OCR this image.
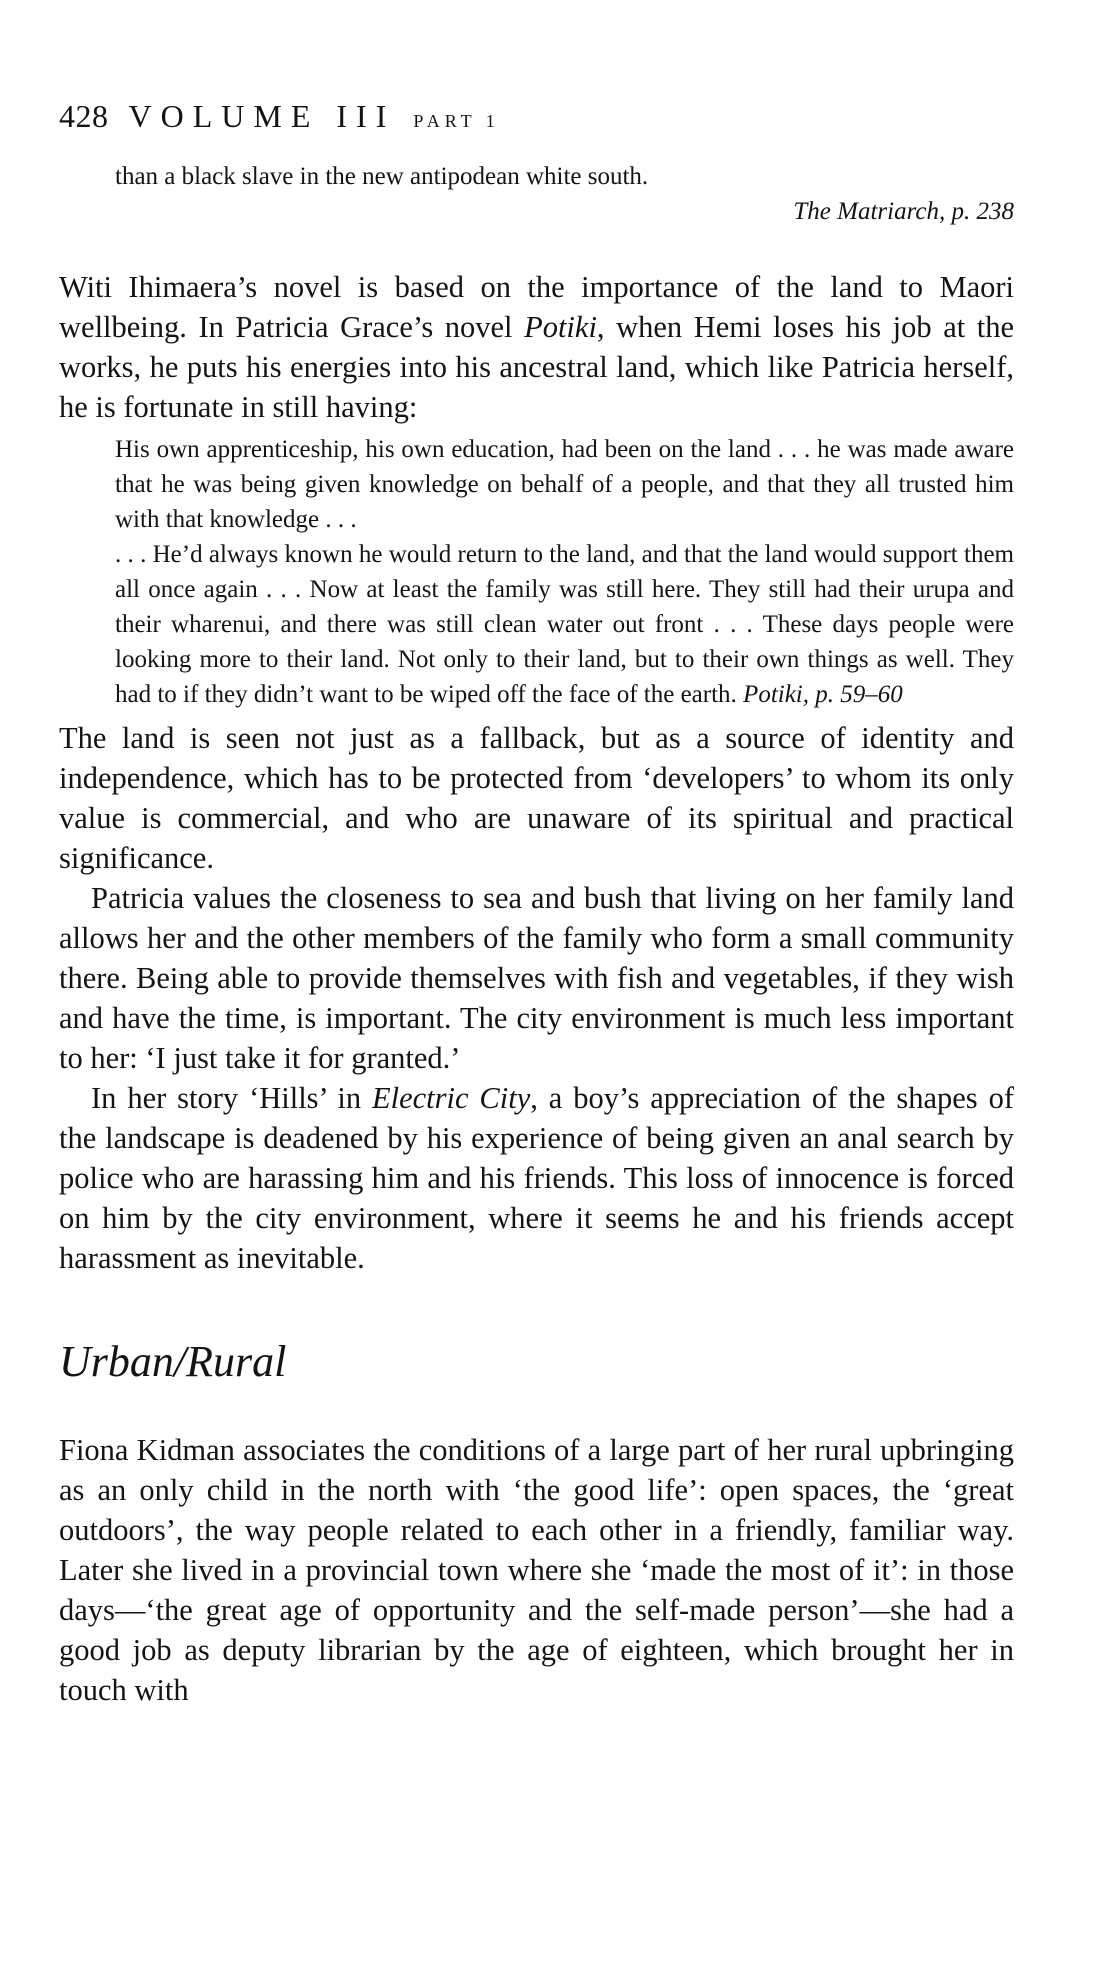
428 VOLUME III PART 1

than a black slave in the new antipodean white south.

The Matriarch, p. 238

Witi Ihimaera’s novel is based on the importance of the land to Maori wellbeing. In Patricia Grace’s novel Potiki, when Hemi loses his job at the works, he puts his energies into his ancestral land, which like Patricia herself, he is fortunate in still having:

His own apprenticeship, his own education, had been on the land . . . he was made aware that he was being given knowledge on behalf of a people, and that they all trusted him with that knowledge . . .

. . . He’d always known he would return to the land, and that the land would support them all once again . . . Now at least the family was still here. They still had their urupa and their wharenui, and there was still clean water out front . . . These days people were looking more to their land. Not only to their land, but to their own things as well. They had to if they didn’t want to be wiped off the face of the earth. Potiki, p. 59–60

The land is seen not just as a fallback, but as a source of identity and independence, which has to be protected from ‘developers’ to whom its only value is commercial, and who are unaware of its spiritual and practical significance.

Patricia values the closeness to sea and bush that living on her family land allows her and the other members of the family who form a small community there. Being able to provide themselves with fish and vegetables, if they wish and have the time, is important. The city environment is much less important to her: ‘I just take it for granted.’

In her story ‘Hills’ in Electric City, a boy’s appreciation of the shapes of the landscape is deadened by his experience of being given an anal search by police who are harassing him and his friends. This loss of innocence is forced on him by the city environment, where it seems he and his friends accept harassment as inevitable.

Urban/Rural

Fiona Kidman associates the conditions of a large part of her rural upbringing as an only child in the north with ‘the good life’: open spaces, the ‘great outdoors’, the way people related to each other in a friendly, familiar way. Later she lived in a provincial town where she ‘made the most of it’: in those days—‘the great age of opportunity and the self-made person’—she had a good job as deputy librarian by the age of eighteen, which brought her in touch with
